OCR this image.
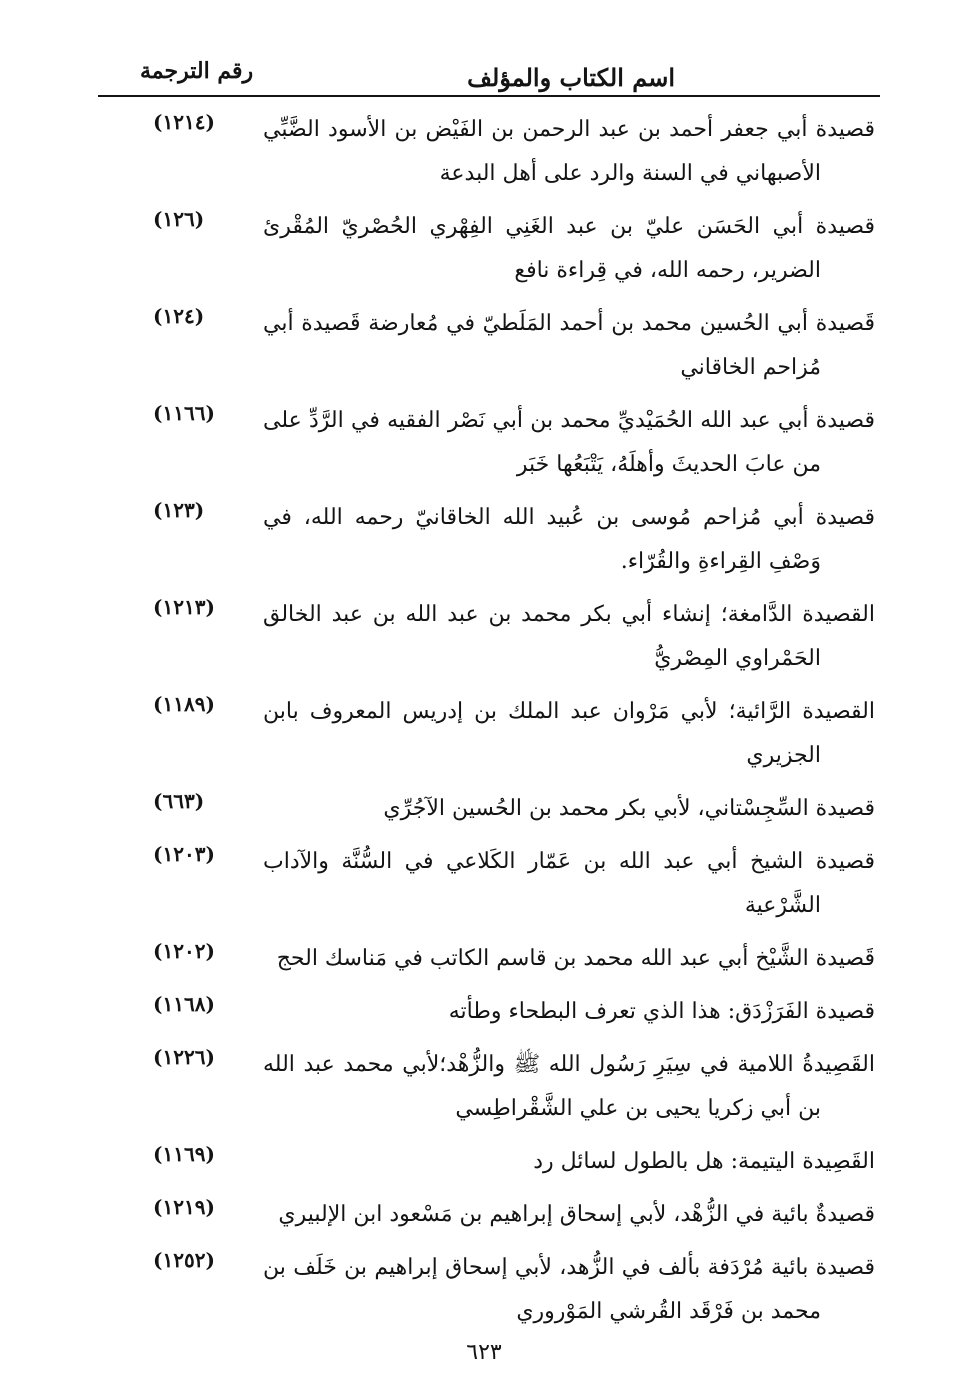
اسم الكتاب والمؤلف
رقم الترجمة
(١٢١٤)	قصيدة أبي جعفر أحمد بن عبد الرحمن بن الفَيْض بن الأسود الضَّبِّي الأصبهاني في السنة والرد على أهل البدعة
(١٢٦)	قصيدة أبي الحَسَن عليّ بن عبد الغَنِي الفِهْري الحُصْريّ المُقْرئ الضرير، رحمه الله، في قِراءة نافع
(١٢٤)	قَصيدة أبي الحُسين محمد بن أحمد المَلَطيّ في مُعارضة قَصيدة أبي مُزاحم الخاقاني
(١١٦٦)	قصيدة أبي عبد الله الحُمَيْديِّ محمد بن أبي نَصْر الفقيه في الرَّدِّ على من عابَ الحديثَ وأهلَهُ، يَتْبَعُها خَبَر
(١٢٣)	قصيدة أبي مُزاحم مُوسى بن عُبيد الله الخاقانيّ رحمه الله، في وَصْفِ القِراءةِ والقُرّاء.
(١٢١٣)	القصيدة الدَّامغة؛ إنشاء أبي بكر محمد بن عبد الله بن عبد الخالق الحَمْراوي المِصْريُّ
(١١٨٩)	القصيدة الرَّائية؛ لأبي مَرْوان عبد الملك بن إدريس المعروف بابن الجزيري
(٦٦٣)	قصيدة السِّجِسْتاني، لأبي بكر محمد بن الحُسين الآجُرِّي
(١٢٠٣)	قصيدة الشيخ أبي عبد الله بن عَمّار الكَلاعي في السُّنَّة والآداب الشَّرْعية
(١٢٠٢)	قَصيدة الشَّيْخ أبي عبد الله محمد بن قاسم الكاتب في مَناسك الحج
(١١٦٨)	قصيدة الفَرَزْدَق: هذا الذي تعرف البطحاء وطأته
(١٢٢٦)	القَصِيدةُ اللامية في سِيَرِ رَسُول الله ﷺ والزُّهْد؛لأبي محمد عبد الله بن أبي زكريا يحيى بن علي الشَّقْراطِسي
(١١٦٩)	القَصِيدة اليتيمة: هل بالطول لسائل رد
(١٢١٩)	قصيدةٌ بائية في الزُّهْد، لأبي إسحاق إبراهيم بن مَسْعود ابن الإلبيري
(١٢٥٢)	قصيدة بائية مُرْدَفة بألف في الزُّهد، لأبي إسحاق إبراهيم بن خَلَف بن محمد بن فَرْقَد القُرشي المَوْروري
٦٢٣
